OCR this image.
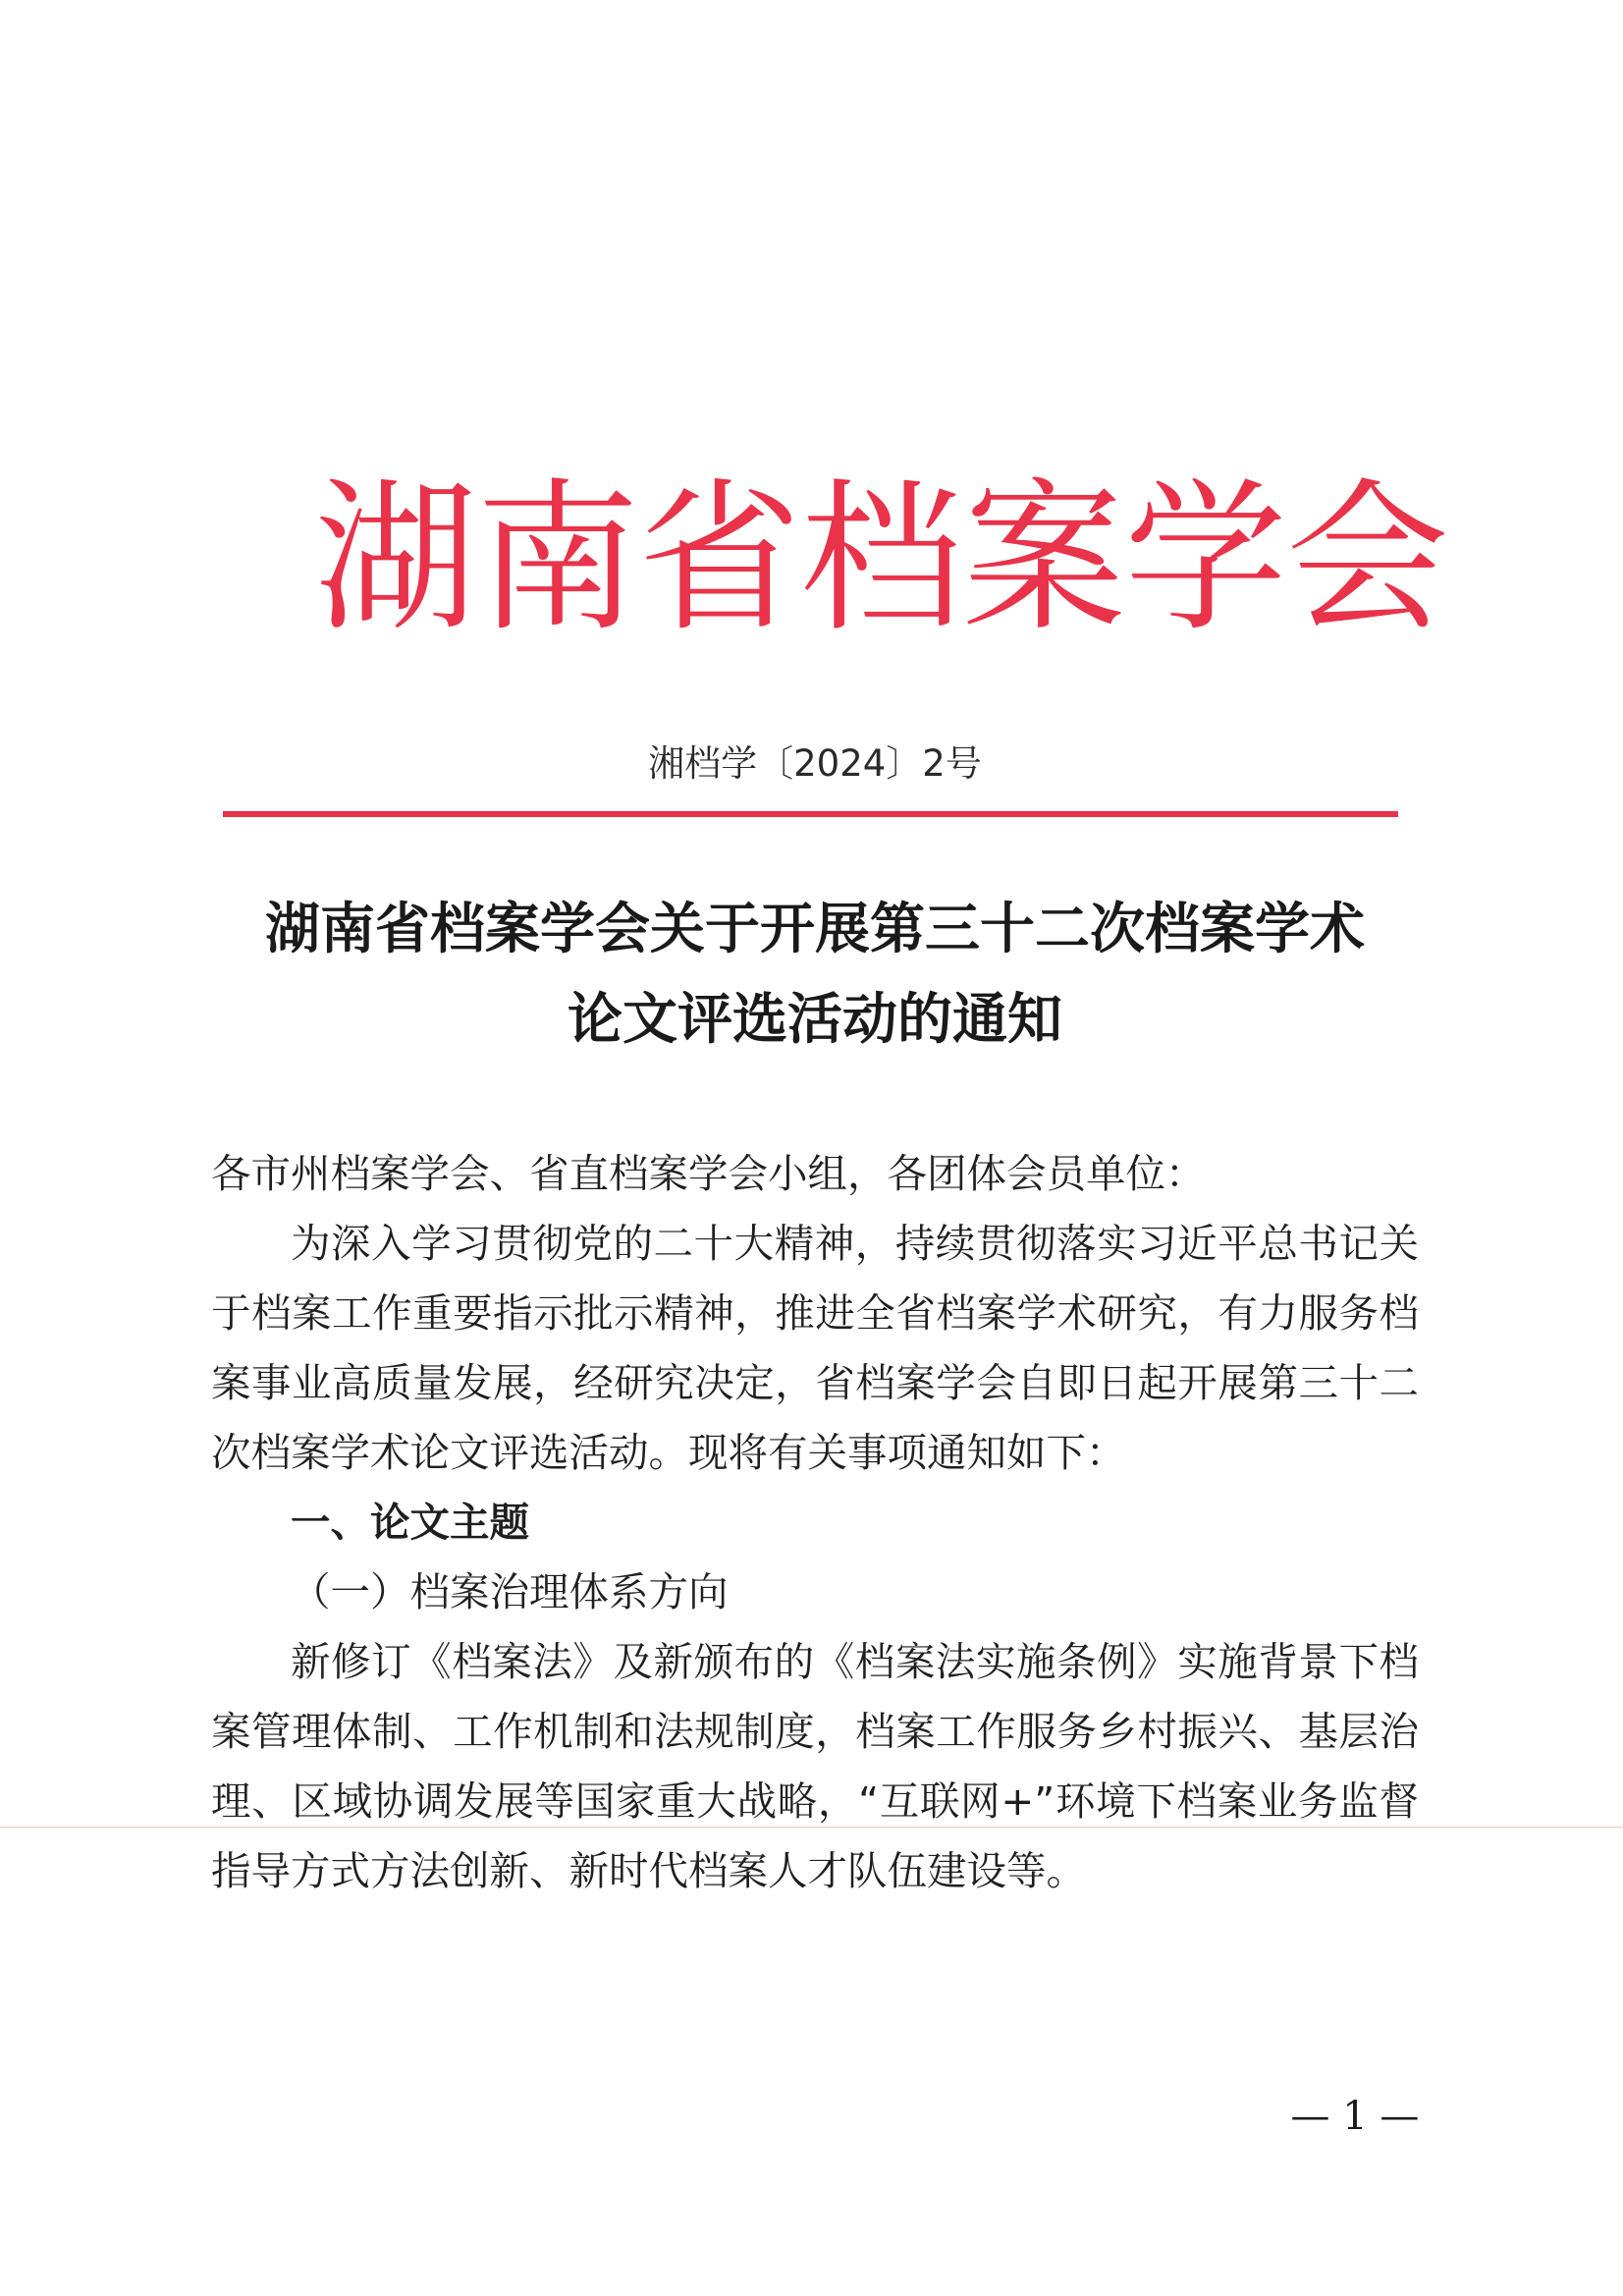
湖南省档案学会
湘档学〔2024〕2号
湖南省档案学会关于开展第三十二次档案学术
论文评选活动的通知

各市州档案学会、省直档案学会小组，各团体会员单位：

为深入学习贯彻党的二十大精神，持续贯彻落实习近平总书记关于档案工作重要指示批示精神，推进全省档案学术研究，有力服务档案事业高质量发展，经研究决定，省档案学会自即日起开展第三十二次档案学术论文评选活动。现将有关事项通知如下：

一、论文主题

（一）档案治理体系方向

新修订《档案法》及新颁布的《档案法实施条例》实施背景下档案管理体制、工作机制和法规制度，档案工作服务乡村振兴、基层治理、区域协调发展等国家重大战略，“互联网+”环境下档案业务监督指导方式方法创新、新时代档案人才队伍建设等。

— 1 —
